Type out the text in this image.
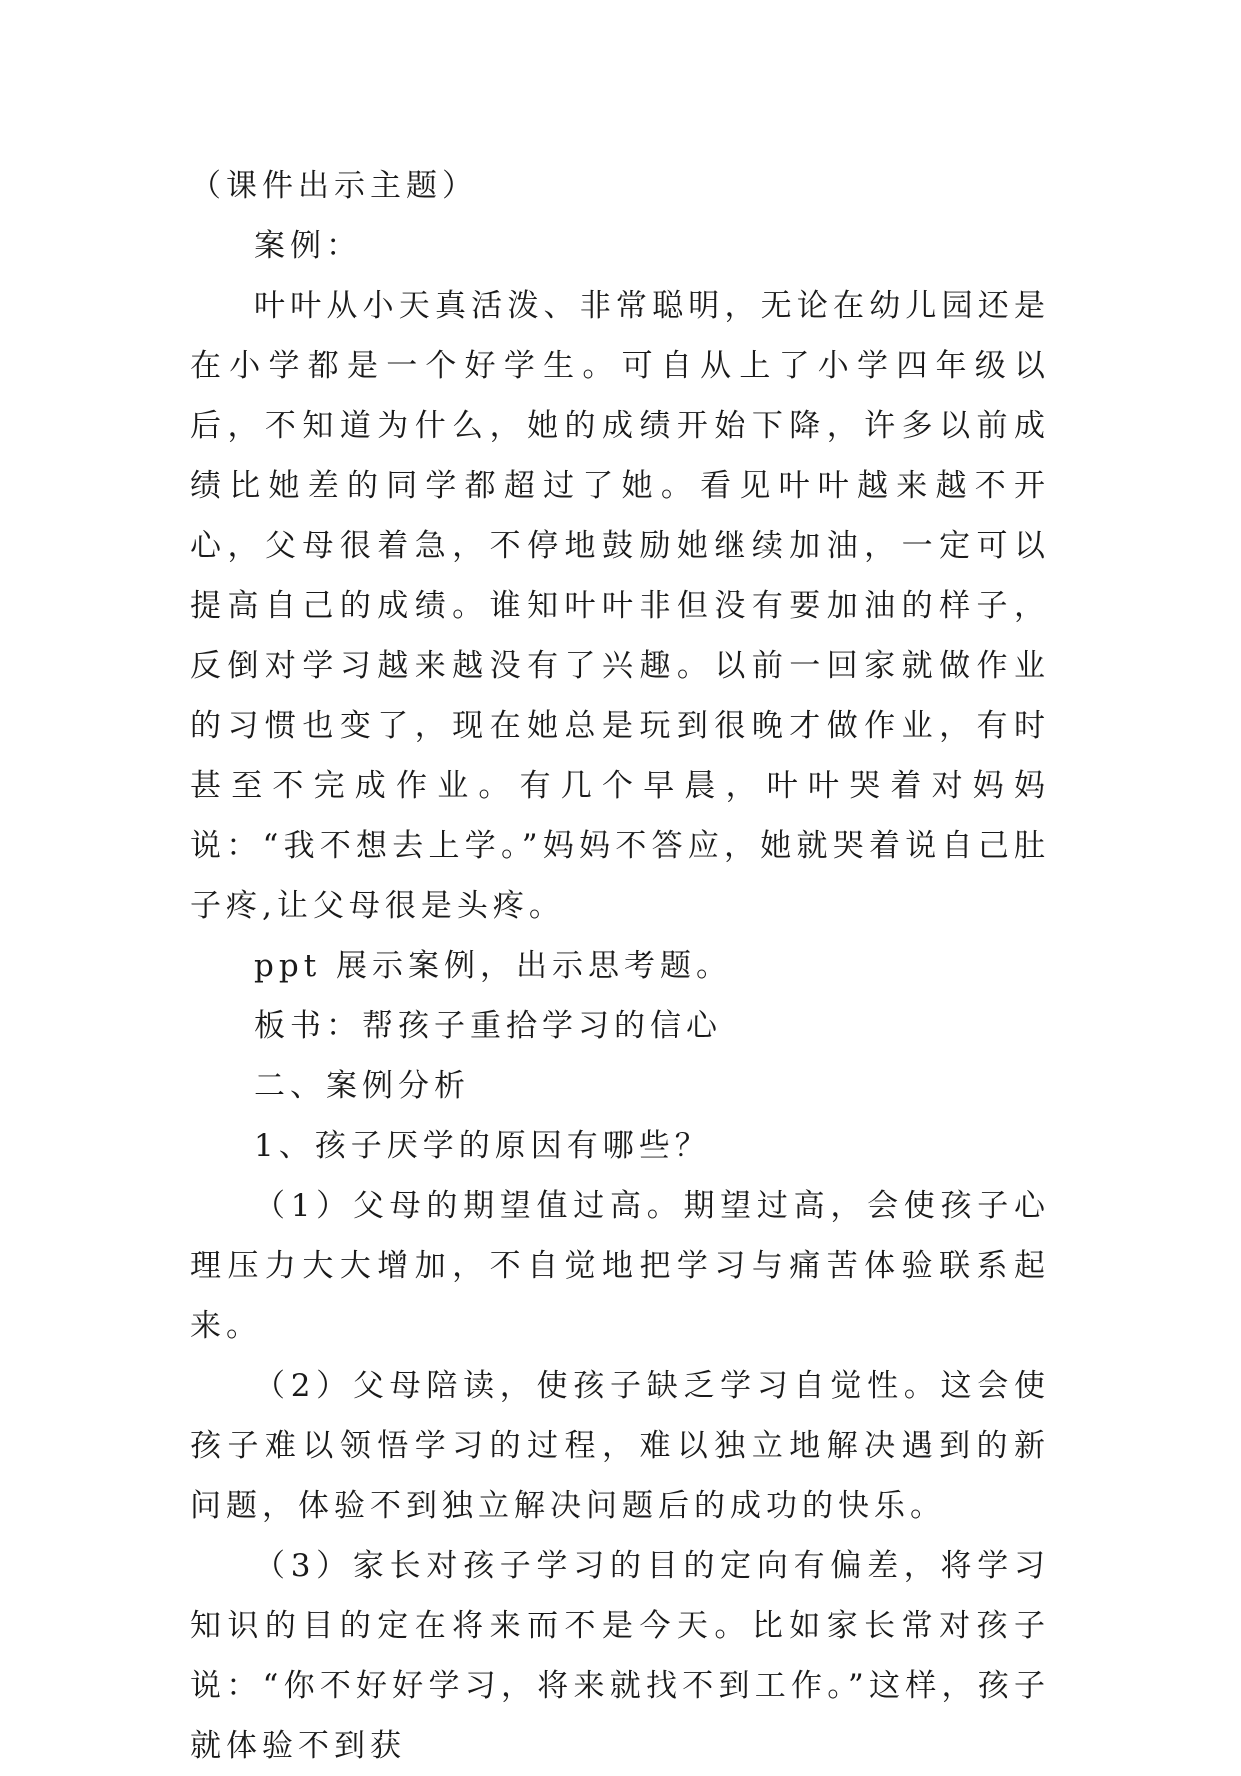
（课件出示主题）

案例：

叶叶从小天真活泼、非常聪明，无论在幼儿园还是在小学都是一个好学生。可自从上了小学四年级以后，不知道为什么，她的成绩开始下降，许多以前成绩比她差的同学都超过了她。看见叶叶越来越不开心，父母很着急，不停地鼓励她继续加油，一定可以提高自己的成绩。谁知叶叶非但没有要加油的样子，反倒对学习越来越没有了兴趣。以前一回家就做作业的习惯也变了，现在她总是玩到很晚才做作业，有时甚至不完成作业。有几个早晨，叶叶哭着对妈妈说：“我不想去上学。”妈妈不答应，她就哭着说自己肚子疼,让父母很是头疼。

ppt 展示案例，出示思考题。

板书：帮孩子重拾学习的信心

二、案例分析

1、孩子厌学的原因有哪些？

（1）父母的期望值过高。期望过高，会使孩子心理压力大大增加，不自觉地把学习与痛苦体验联系起来。

（2）父母陪读，使孩子缺乏学习自觉性。这会使孩子难以领悟学习的过程，难以独立地解决遇到的新问题，体验不到独立解决问题后的成功的快乐。

（3）家长对孩子学习的目的定向有偏差，将学习知识的目的定在将来而不是今天。比如家长常对孩子说：“你不好好学习，将来就找不到工作。”这样，孩子就体验不到获
